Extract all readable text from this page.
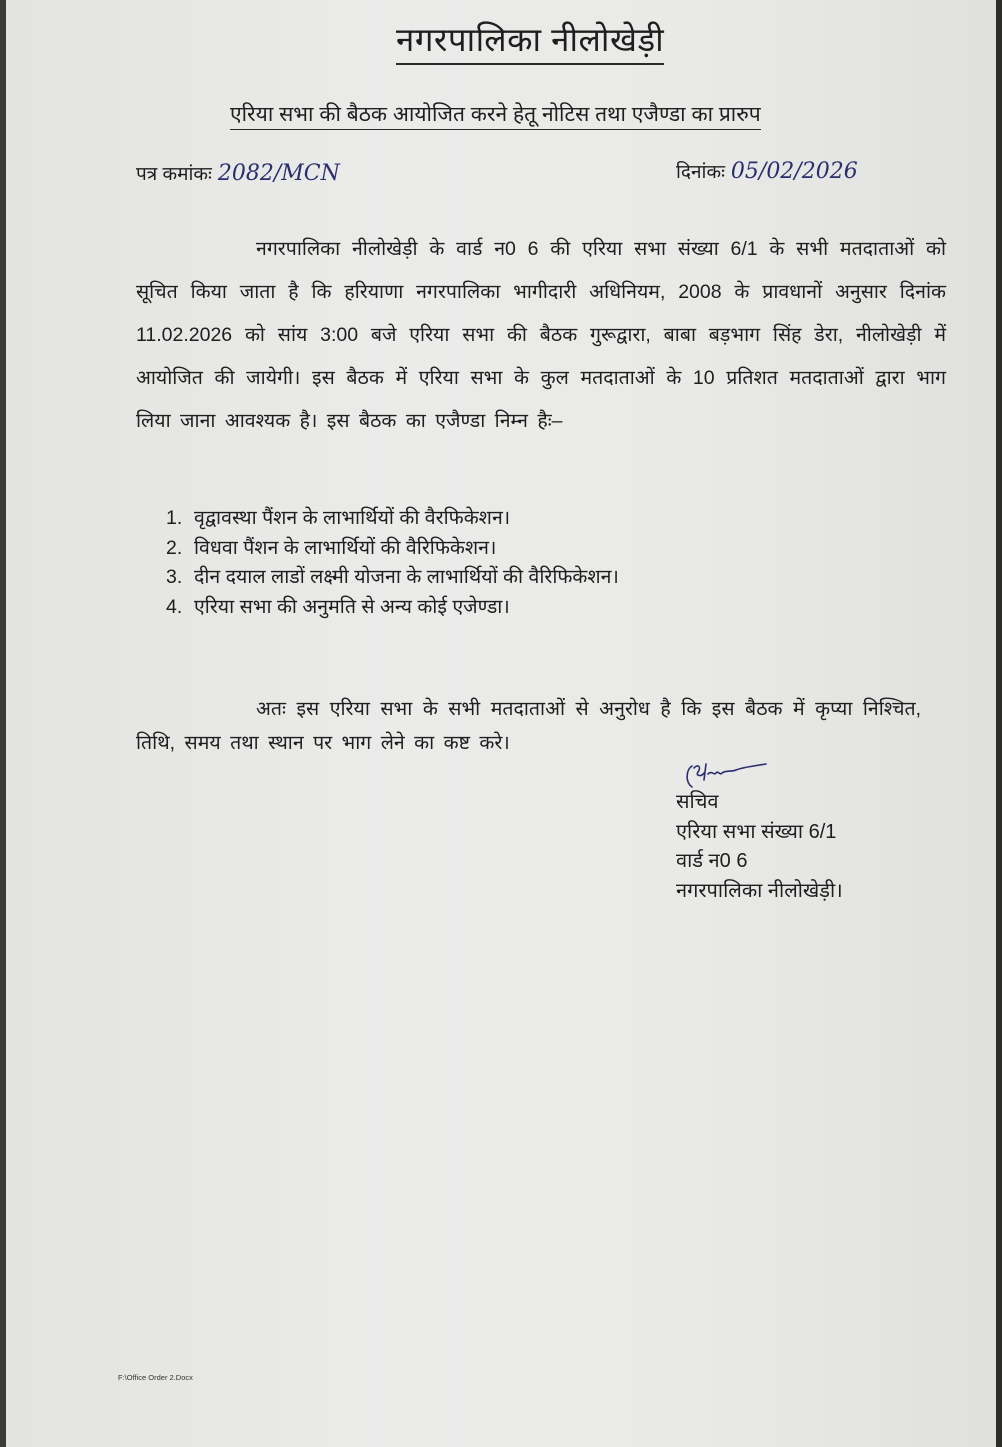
नगरपालिका नीलोखेड़ी
एरिया सभा की बैठक आयोजित करने हेतू नोटिस तथा एजैण्डा का प्रारुप
पत्र कमांकः 2082/MCN	दिनांकः 05/02/2026

नगरपालिका नीलोखेड़ी के वार्ड न0 6 की एरिया सभा संख्या 6/1 के सभी मतदाताओं को सूचित किया जाता है कि हरियाणा नगरपालिका भागीदारी अधिनियम, 2008 के प्रावधानों अनुसार दिनांक 11.02.2026 को सांय 3:00 बजे एरिया सभा की बैठक गुरूद्वारा, बाबा बड़भाग सिंह डेरा, नीलोखेड़ी में आयोजित की जायेगी। इस बैठक में एरिया सभा के कुल मतदाताओं के 10 प्रतिशत मतदाताओं द्वारा भाग लिया जाना आवश्यक है। इस बैठक का एजैण्डा निम्न हैः–

1. वृद्वावस्था पैंशन के लाभार्थियों की वैरफिकेशन।
2. विधवा पैंशन के लाभार्थियों की वैरिफिकेशन।
3. दीन दयाल लाडों लक्ष्मी योजना के लाभार्थियों की वैरिफिकेशन।
4. एरिया सभा की अनुमति से अन्य कोई एजेण्डा।

अतः इस एरिया सभा के सभी मतदाताओं से अनुरोध है कि इस बैठक में कृप्या निश्चित, तिथि, समय तथा स्थान पर भाग लेने का कष्ट करे।

सचिव
एरिया सभा संख्या 6/1
वार्ड न0 6
नगरपालिका नीलोखेड़ी।
F:\Office Order 2.Docx
